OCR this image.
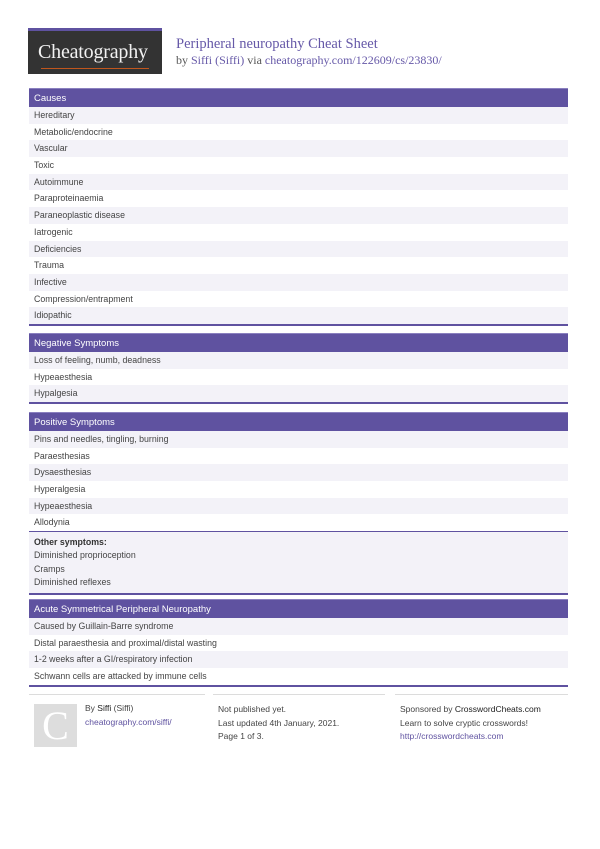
Cheatography Peripheral neuropathy Cheat Sheet
by Siffi (Siffi) via cheatography.com/122609/cs/23830/
Causes
Hereditary
Metabolic/endocrine
Vascular
Toxic
Autoimmune
Paraproteinaemia
Paraneoplastic disease
Iatrogenic
Deficiencies
Trauma
Infective
Compression/entrapment
Idiopathic
Negative Symptoms
Loss of feeling, numb, deadness
Hypeaesthesia
Hypalgesia
Positive Symptoms
Pins and needles, tingling, burning
Paraesthesias
Dysaesthesias
Hyperalgesia
Hypeaesthesia
Allodynia
Other symptoms:
Diminished proprioception
Cramps
Diminished reflexes
Acute Symmetrical Peripheral Neuropathy
Caused by Guillain-Barre syndrome
Distal paraesthesia and proximal/distal wasting
1-2 weeks after a GI/respiratory infection
Schwann cells are attacked by immune cells
C	By Siffi (Siffi)
cheatography.com/siffi/
Not published yet.
Last updated 4th January, 2021.
Page 1 of 3.
Sponsored by CrosswordCheats.com
Learn to solve cryptic crosswords!
http://crosswordcheats.com
